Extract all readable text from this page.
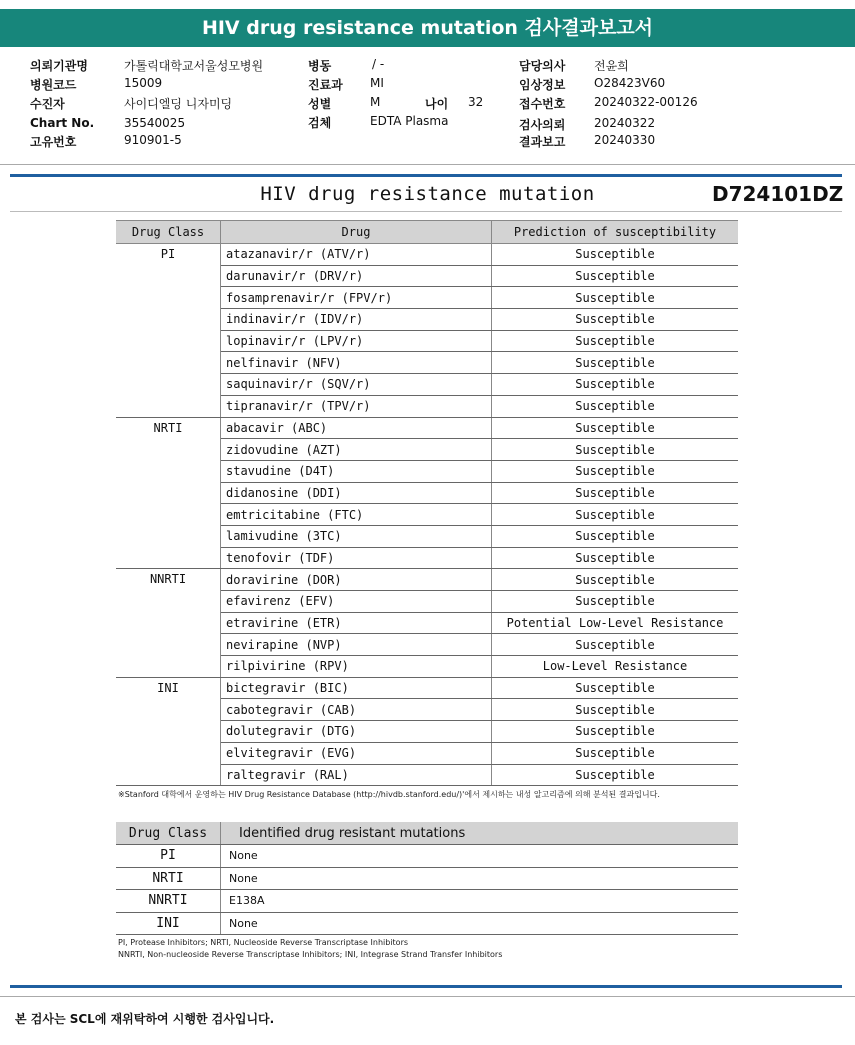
HIV drug resistance mutation 검사결과보고서
의뢰기관명	가톨릭대학교서울성모병원
병원코드	15009
수진자	사이디엘딩 니자미딩
Chart No. 35540025
고유번호	910901-5
병동	/ -
진료과 MI
성별	M	나이 32
검체	EDTA Plasma
담당의사 전윤희
임상정보 O28423V60
접수번호 20240322-00126
검사의뢰 20240322
결과보고 20240330
HIV drug resistance mutation	D724101DZ
Drug Class	Drug	Prediction of susceptibility
PI	atazanavir/r (ATV/r)	Susceptible
	darunavir/r (DRV/r)	Susceptible
	fosamprenavir/r (FPV/r)	Susceptible
	indinavir/r (IDV/r)	Susceptible
	lopinavir/r (LPV/r)	Susceptible
	nelfinavir (NFV)	Susceptible
	saquinavir/r (SQV/r)	Susceptible
	tipranavir/r (TPV/r)	Susceptible
NRTI	abacavir (ABC)	Susceptible
	zidovudine (AZT)	Susceptible
	stavudine (D4T)	Susceptible
	didanosine (DDI)	Susceptible
	emtricitabine (FTC)	Susceptible
	lamivudine (3TC)	Susceptible
	tenofovir (TDF)	Susceptible
NNRTI	doravirine (DOR)	Susceptible
	efavirenz (EFV)	Susceptible
	etravirine (ETR)	Potential Low-Level Resistance
	nevirapine (NVP)	Susceptible
	rilpivirine (RPV)	Low-Level Resistance
INI	bictegravir (BIC)	Susceptible
	cabotegravir (CAB)	Susceptible
	dolutegravir (DTG)	Susceptible
	elvitegravir (EVG)	Susceptible
	raltegravir (RAL)	Susceptible
※Stanford 대학에서 운영하는 HIV Drug Resistance Database (http://hivdb.stanford.edu/)'에서 제시하는 내성 알고리즘에 의해 분석된 결과입니다.
Drug Class	Identified drug resistant mutations
PI	None
NRTI	None
NNRTI	E138A
INI	None
PI, Protease Inhibitors; NRTI, Nucleoside Reverse Transcriptase Inhibitors
NNRTI, Non-nucleoside Reverse Transcriptase Inhibitors; INI, Integrase Strand Transfer Inhibitors
본 검사는 SCL에 재위탁하여 시행한 검사입니다.
